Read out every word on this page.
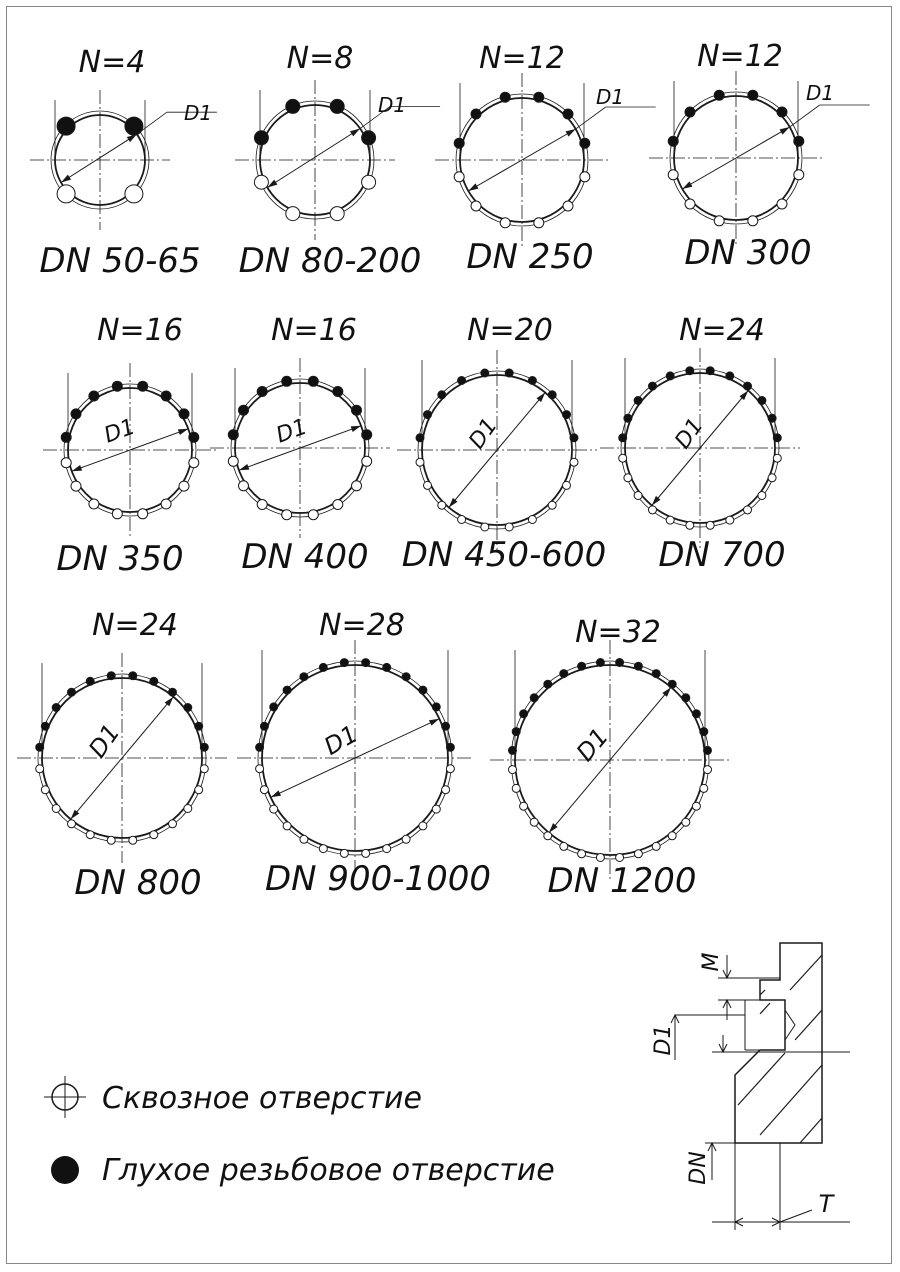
N=4
D1
DN 50-65
N=8
D1
DN 80-200
N=12
D1
DN 250
N=12
D1
DN 300
N=16
D1
DN 350
N=16
D1
DN 400
N=20
D1
DN 450-600
N=24
D1
DN 700
N=24
D1
DN 800
N=28
D1
DN 900-1000
N=32
D1
DN 1200
Сквозное отверстие
Глухое резьбовое отверстие
M
D1
DN
T
